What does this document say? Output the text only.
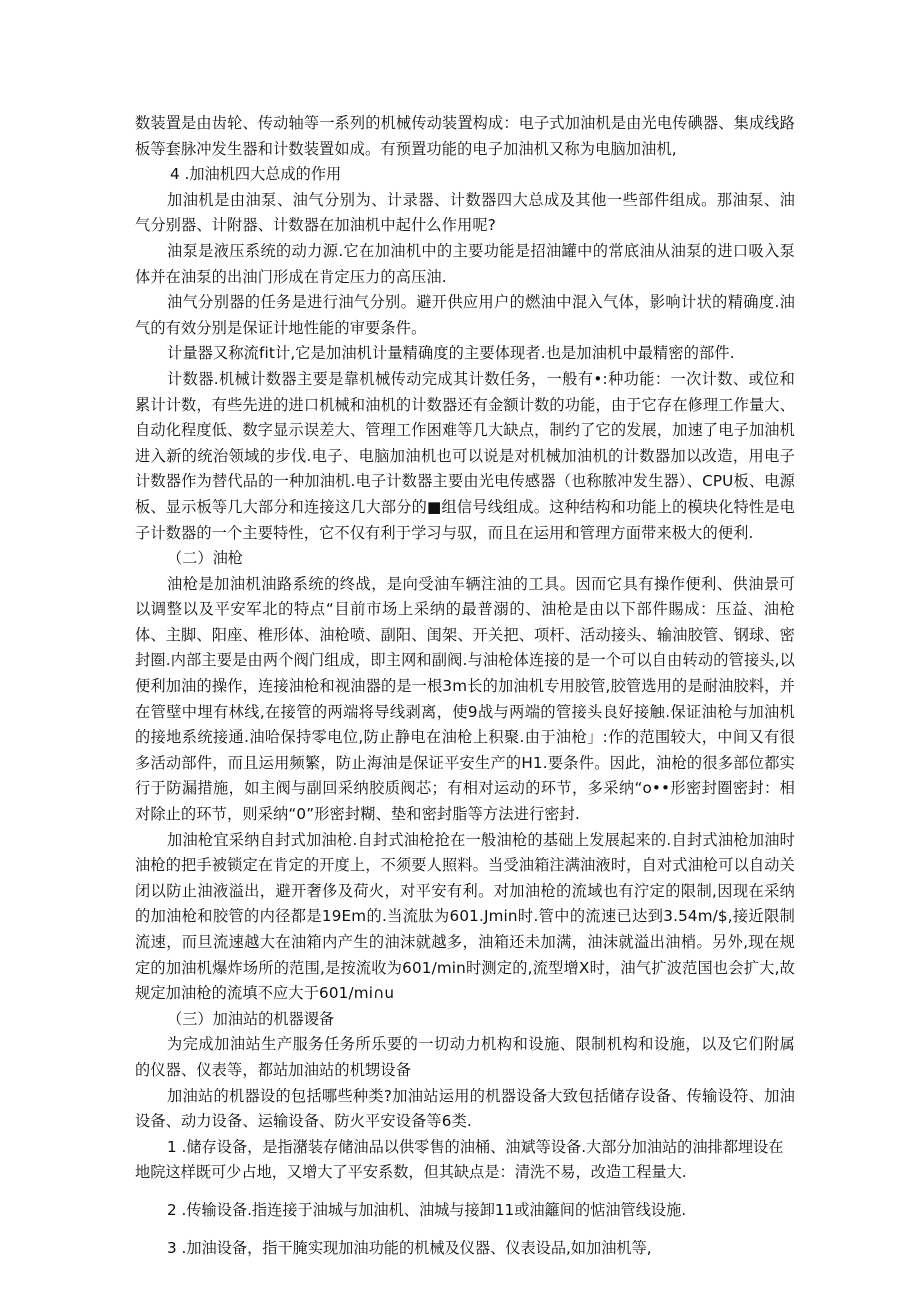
数装置是由齿轮、传动轴等一系列的机械传动装置构成：电子式加油机是由光电传碘器、集成线路板等套脉冲发生器和计数装置如成。有预置功能的电子加油机又称为电脑加油机,

4 .加油机四大总成的作用

加油机是由油泵、油气分别为、计录器、计数器四大总成及其他一些部件组成。那油泵、油气分别器、计附器、计数器在加油机中起什么作用呢?

油泵是液压系统的动力源.它在加油机中的主要功能是招油罐中的常底油从油泵的进口吸入泵体并在油泵的出油门形成在肯定压力的高压油.

油气分别器的任务是进行油气分别。避开供应用户的燃油中混入气体，影响计状的精确度.油气的有效分别是保证计地性能的审要条件。

计量器又称流fit计,它是加油机计量精确度的主要体现者.也是加油机中最精密的部件.

计数器.机械计数器主要是靠机械传动完成其计数任务，一般有•:种功能：一次计数、或位和累计计数，有些先进的进口机械和油机的计数器还有金额计数的功能，由于它存在修理工作量大、自动化程度低、数字显示误差大、管理工作困难等几大缺点，制约了它的发展，加速了电子加油机进入新的统治领域的步伐.电子、电脑加油机也可以说是对机械加油机的计数器加以改造，用电子计数器作为替代品的一种加油机.电子计数器主要由光电传感器（也称脓冲发生器）、CPU板、电源板、显示板等几大部分和连接这几大部分的■组信号线组成。这种结构和功能上的模块化特性是电子计数器的一个主要特性，它不仅有利于学习与驭，而且在运用和管理方面带来极大的便利.

（二）油枪

油枪是加油机油路系统的终战，是向受油车辆注油的工具。因而它具有操作便利、供油景可以调整以及平安军北的特点“目前市场上采纳的最普溺的、油枪是由以下部件賜成：压益、油枪体、主脚、阳座、椎形体、油枪喷、副阳、闺架、开关把、项杆、活动接头、输油胶管、钢球、密封圈.内部主要是由两个阀门组成，即主网和副阀.与油枪体连接的是一个可以自由转动的管接头,以便利加油的操作，连接油枪和视油器的是一根3m长的加油机专用胶管,胶管选用的是耐油胶料，并在管壁中埋有林线,在接管的两端将导线剥离，使9战与两端的管接头良好接触.保证油枪与加油机的接地系统接通.油哈保持零电位,防止静电在油枪上积聚.由于油枪」:作的范围较大，中间又有很多活动部件，而且运用频繁，防止海油是保证平安生产的H1.要条件。因此，油枪的很多部位都实行于防漏措施，如主阀与副回采纳胶质阀芯；有相对运动的环节，多采纳“o••形密封圈密封：相对除止的环节，则采纳“0”形密封糊、垫和密封脂等方法进行密封.

加油枪宜采纳自封式加油枪.自封式油枪抢在一般油枪的基础上发展起来的.自封式油枪加油时油枪的把手被锁定在肯定的开度上，不须要人照料。当受油箱注满油液时，自对式油枪可以自动关闭以防止油液溢出，避开奢侈及荷火，对平安有利。对加油枪的流域也有泞定的限制,因现在采纳的加油枪和胶管的内径都是19Em的.当流肽为601.Jmin时.管中的流速已达到3.54m/$,接近限制流速，而旦流速越大在油箱内产生的油沫就越多，油箱还未加满，油沫就溢出油梢。另外,现在规定的加油机爆炸场所的范围,是按流收为601/min时测定的,流型增X时，油气扩波范国也会扩大,故规定加油枪的流填不应大于601/mi∩u

（三）加油站的机器谡备

为完成加油站生产服务任务所乐要的一切动力机构和设施、限制机构和设施，以及它们附属的仪器、仪表等，都站加油站的机甥设备

加油站的机器设的包括哪些种类?加油站运用的机器设备大致包括储存设备、传输设符、加油设备、动力设备、运输设备、防火平安设备等6类.

1 .储存设备，是指潴装存储油品以供零售的油桶、油斌等设备.大部分加油站的油排都埋设在地院这样既可少占地，又增大了平安系数，但其缺点是：清洗不易，改造工程量大.

2 .传输设备.指连接于油城与加油机、油城与接卸11或油籬间的惦油管线设施.

3 .加油设备，指干腌实现加油功能的机械及仪器、仪表设品,如加油机等,
